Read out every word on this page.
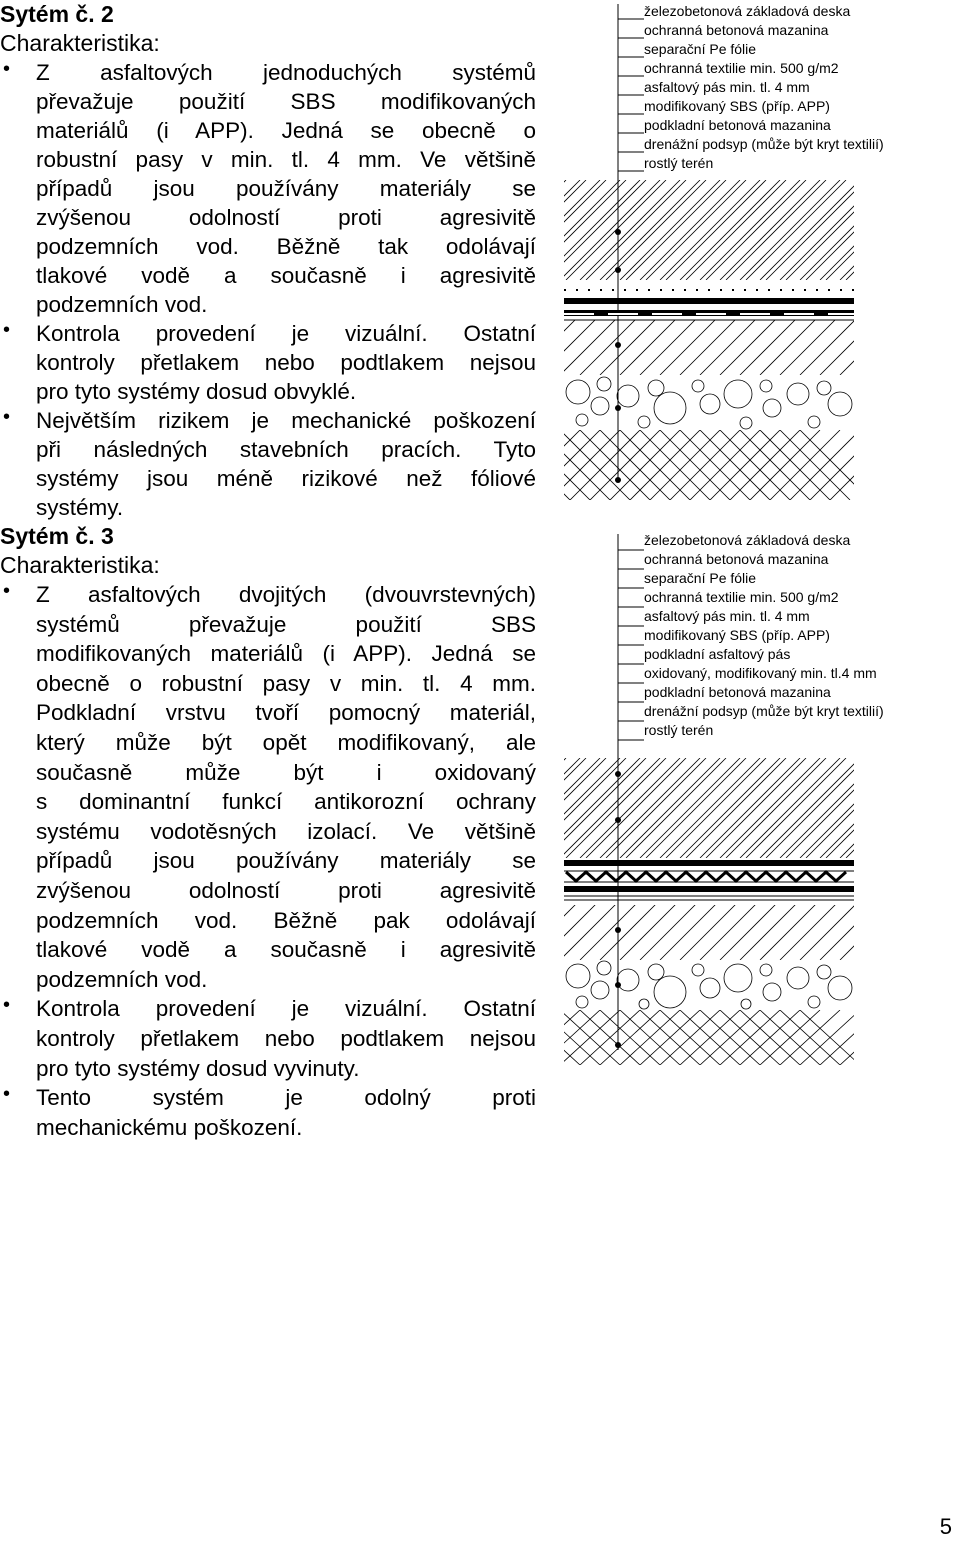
Sytém č. 2
Charakteristika:
• Z asfaltových jednoduchých systémů
převažuje použití SBS modifikovaných
materiálů (i APP). Jedná se obecně o
robustní pasy v min. tl. 4 mm. Ve většině
případů jsou používány materiály se
zvýšenou odolností proti agresivitě
podzemních vod. Běžně tak odolávají
tlakové vodě a současně i agresivitě
podzemních vod.
• Kontrola provedení je vizuální. Ostatní
kontroly přetlakem nebo podtlakem nejsou
pro tyto systémy dosud obvyklé.
• Největším rizikem je mechanické poškození
při následných stavebních pracích. Tyto
systémy jsou méně rizikové než fóliové
systémy.
Sytém č. 3
Charakteristika:
• Z asfaltových dvojitých (dvouvrstevných)
systémů převažuje použití SBS
modifikovaných materiálů (i APP). Jedná se
obecně o robustní pasy v min. tl. 4 mm.
Podkladní vrstvu tvoří pomocný materiál,
který může být opět modifikovaný, ale
současně může být i oxidovaný
s dominantní funkcí antikorozní ochrany
systému vodotěsných izolací. Ve většině
případů jsou používány materiály se
zvýšenou odolností proti agresivitě
podzemních vod. Běžně pak odolávají
tlakové vodě a současně i agresivitě
podzemních vod.
• Kontrola provedení je vizuální. Ostatní
kontroly přetlakem nebo podtlakem nejsou
pro tyto systémy dosud vyvinuty.
• Tento systém je odolný proti
mechanickému poškození.
železobetonová základová deska
ochranná betonová mazanina
separační Pe fólie
ochranná textilie min. 500 g/m2
asfaltový pás min. tl. 4 mm
modifikovaný SBS (příp. APP)
podkladní betonová mazanina
drenážní podsyp (může být kryt textilií)
rostlý terén
železobetonová základová deska
ochranná betonová mazanina
separační Pe fólie
ochranná textilie min. 500 g/m2
asfaltový pás min. tl. 4 mm
modifikovaný SBS (příp. APP)
podkladní asfaltový pás
oxidovaný, modifikovaný min. tl.4 mm
podkladní betonová mazanina
drenážní podsyp (může být kryt textilií)
rostlý terén
5
